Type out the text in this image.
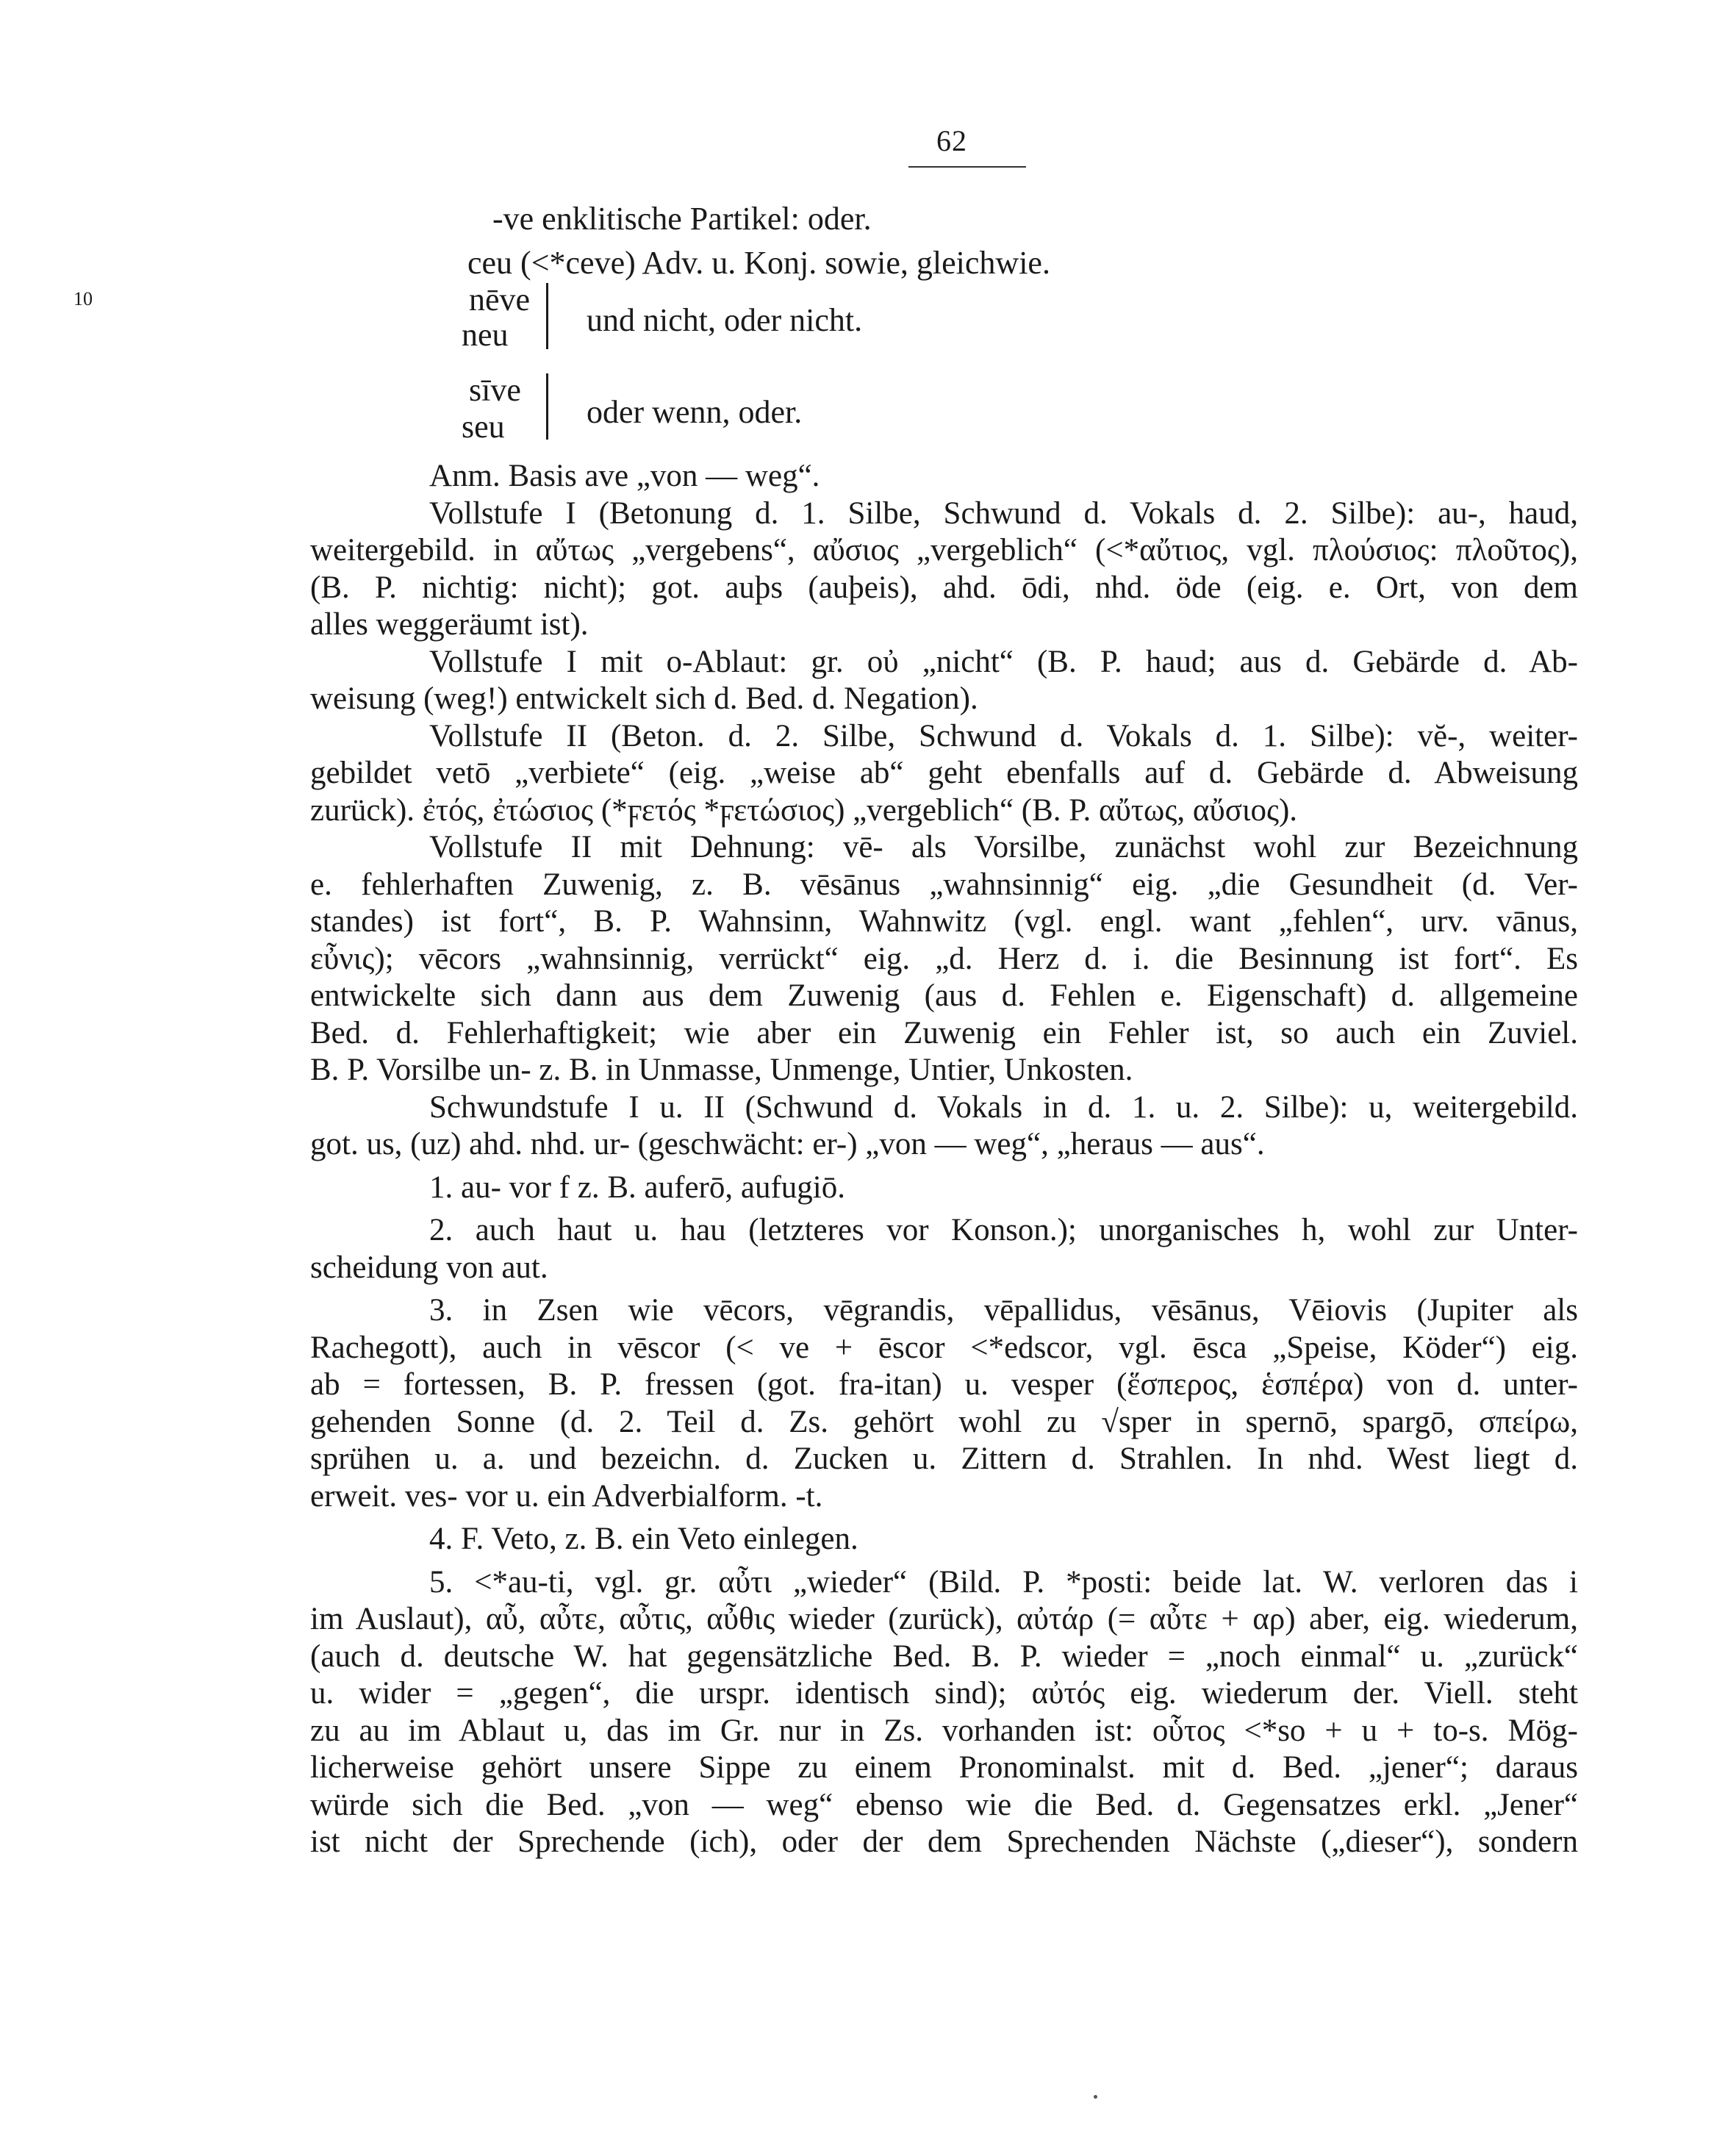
62
10
-ve enklitische Partikel: oder.
ceu (<*ceve) Adv. u. Konj. sowie, gleichwie.
nēve
neu und nicht, oder nicht.
sīve
seu	oder wenn, oder.
Anm. Basis ave „von — weg“.
Vollstufe I (Betonung d. 1. Silbe, Schwund d. Vokals d. 2. Silbe): au-, haud,
weitergebild. in αὔτως „vergebens“, αὔσιος „vergeblich“ (<*αὔτιος, vgl. πλούσιος: πλοῦτος),
(B. P. nichtig: nicht); got. auþs (auþeis), ahd. ōdi, nhd. öde (eig. e. Ort, von dem
alles weggeräumt ist).
Vollstufe I mit o-Ablaut: gr. οὐ „nicht“ (B. P. haud; aus d. Gebärde d. Ab-
weisung (weg!) entwickelt sich d. Bed. d. Negation).
Vollstufe II (Beton. d. 2. Silbe, Schwund d. Vokals d. 1. Silbe): vĕ-, weiter-
gebildet vetō „verbiete“ (eig. „weise ab“ geht ebenfalls auf d. Gebärde d. Abweisung
zurück). ἐτός, ἐτώσιος (*ϝετός *ϝετώσιος) „vergeblich“ (B. P. αὔτως, αὔσιος).
Vollstufe II mit Dehnung: vē- als Vorsilbe, zunächst wohl zur Bezeichnung
e. fehlerhaften Zuwenig, z. B. vēsānus „wahnsinnig“ eig. „die Gesundheit (d. Ver-
standes) ist fort“, B. P. Wahnsinn, Wahnwitz (vgl. engl. want „fehlen“, urv. vānus,
εὖνις); vēcors „wahnsinnig, verrückt“ eig. „d. Herz d. i. die Besinnung ist fort“. Es
entwickelte sich dann aus dem Zuwenig (aus d. Fehlen e. Eigenschaft) d. allgemeine
Bed. d. Fehlerhaftigkeit; wie aber ein Zuwenig ein Fehler ist, so auch ein Zuviel.
B. P. Vorsilbe un- z. B. in Unmasse, Unmenge, Untier, Unkosten.
Schwundstufe I u. II (Schwund d. Vokals in d. 1. u. 2. Silbe): u, weitergebild.
got. us, (uz) ahd. nhd. ur- (geschwächt: er-) „von — weg“, „heraus — aus“.
1. au- vor f z. B. auferō, aufugiō.
2. auch haut u. hau (letzteres vor Konson.); unorganisches h, wohl zur Unter-
scheidung von aut.
3. in Zsen wie vēcors, vēgrandis, vēpallidus, vēsānus, Vēiovis (Jupiter als
Rachegott), auch in vēscor (< ve + ēscor <*edscor, vgl. ēsca „Speise, Köder“) eig.
ab = fortessen, B. P. fressen (got. fra-itan) u. vesper (ἕσπερος, ἑσπέρα) von d. unter-
gehenden Sonne (d. 2. Teil d. Zs. gehört wohl zu √sper in spernō, spargō, σπείρω,
sprühen u. a. und bezeichn. d. Zucken u. Zittern d. Strahlen. In nhd. West liegt d.
erweit. ves- vor u. ein Adverbialform. -t.
4. F. Veto, z. B. ein Veto einlegen.
5. <*au-ti, vgl. gr. αὖτι „wieder“ (Bild. P. *posti: beide lat. W. verloren das i
im Auslaut), αὖ, αὖτε, αὖτις, αὖθις wieder (zurück), αὐτάρ (= αὖτε + αρ) aber, eig. wiederum,
(auch d. deutsche W. hat gegensätzliche Bed. B. P. wieder = „noch einmal“ u. „zurück“
u. wider = „gegen“, die urspr. identisch sind); αὐτός eig. wiederum der. Viell. steht
zu au im Ablaut u, das im Gr. nur in Zs. vorhanden ist: οὗτος <*so + u + to-s. Mög-
licherweise gehört unsere Sippe zu einem Pronominalst. mit d. Bed. „jener“; daraus
würde sich die Bed. „von — weg“ ebenso wie die Bed. d. Gegensatzes erkl. „Jener“
ist nicht der Sprechende (ich), oder der dem Sprechenden Nächste („dieser“), sondern
